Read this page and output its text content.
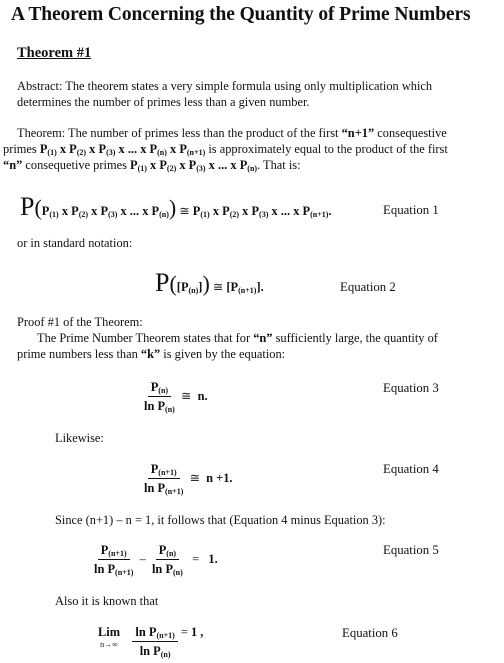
A Theorem Concerning the Quantity of Prime Numbers
Theorem #1
Abstract: The theorem states a very simple formula using only multiplication which
determines the number of primes less than a given number.
Theorem: The number of primes less than the product of the first “n+1” consequestive
primes $P_{(1)}$ x $P_{(2)}$ x $P_{(3)}$ x ... x $P_{(n)}$ x $P_{(n+1)}$ is approximately equal to the product of the first
“n” consequetive primes $P_{(1)}$ x $P_{(2)}$ x $P_{(3)}$ x ... x $P_{(n)}$. That is:
$P(P_{(1)}$ x $P_{(2)}$ x $P_{(3)}$ x ... x $P_{(n)}$) ≅ $P_{(1)}$ x $P_{(2)}$ x $P_{(3)}$ x ... x $P_{(n+1)}$.	Equation 1
or in standard notation:
$P([P_{(n)}])$ ≅ $[P_{(n+1)}]$.	Equation 2
Proof #1 of the Theorem:
The Prime Number Theorem states that for “n” sufficiently large, the quantity of
prime numbers less than “k” is given by the equation:
$\frac{P_{(n)}}{\ln P_{(n)}}$ ≅ n.
Equation 3
Likewise:
$\frac{P_{(n+1)}}{\ln P_{(n+1)}}$ ≅ n +1.
Equation 4
Since (n+1) – n = 1, it follows that (Equation 4 minus Equation 3):
$\frac{P_{(n+1)}}{\ln P_{(n+1)}} - \frac{P_{(n)}}{\ln P_{(n)}} = 1$.
Equation 5
Also it is known that
Lim
n→∞
$\frac{\ln P_{(n+1)}}{\ln P_{(n)}} = 1$ ,	Equation 6
